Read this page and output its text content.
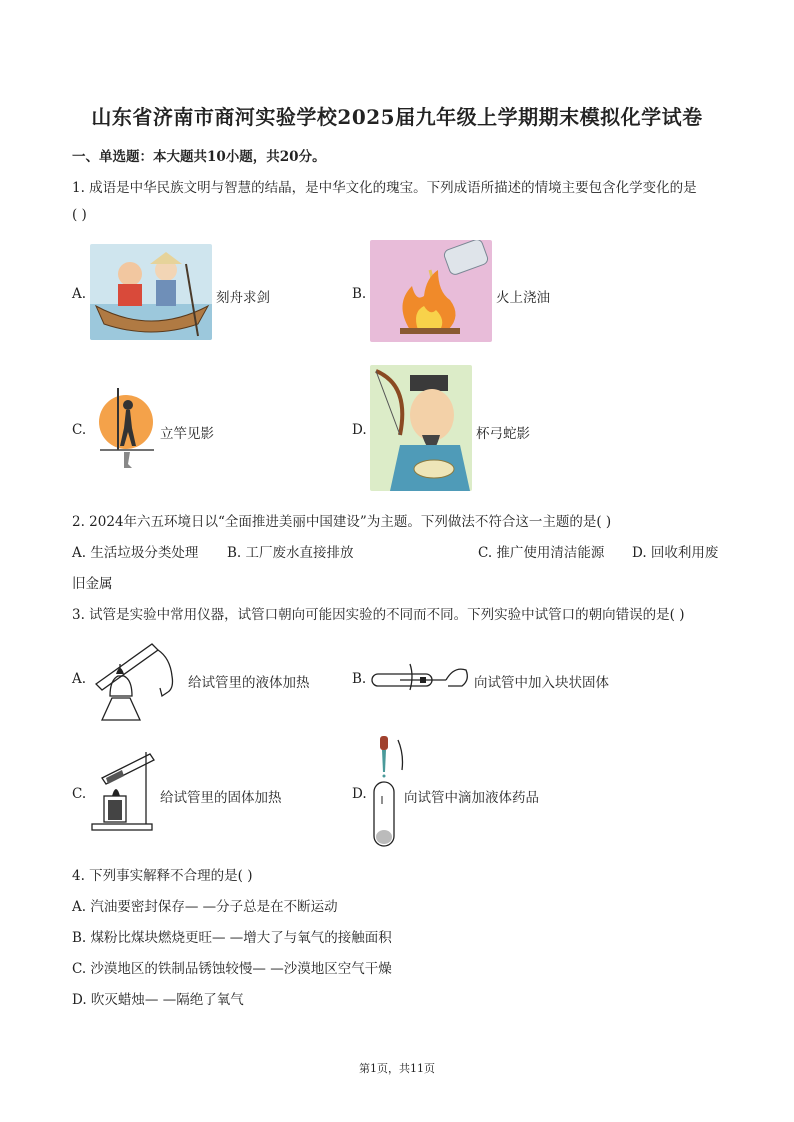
山东省济南市商河实验学校2025届九年级上学期期末模拟化学试卷
一、单选题：本大题共10小题，共20分。
1. 成语是中华民族文明与智慧的结晶，是中华文化的瑰宝。下列成语所描述的情境主要包含化学变化的是
( )
A.	刻舟求剑	B.	火上浇油
C.	立竿见影	D.	杯弓蛇影
2. 2024年六五环境日以“全面推进美丽中国建设”为主题。下列做法不符合这一主题的是( )
A. 生活垃圾分类处理 B. 工厂废水直接排放	C. 推广使用清洁能源 D. 回收利用废
旧金属
3. 试管是实验中常用仪器，试管口朝向可能因实验的不同而不同。下列实验中试管口的朝向错误的是( )
A.	给试管里的液体加热	B.	向试管中加入块状固体
C.	给试管里的固体加热	D.	向试管中滴加液体药品
4. 下列事实解释不合理的是( )
A. 汽油要密封保存— —分子总是在不断运动
B. 煤粉比煤块燃烧更旺— —增大了与氧气的接触面积
C. 沙漠地区的铁制品锈蚀较慢— —沙漠地区空气干燥
D. 吹灭蜡烛— —隔绝了氧气
第1页，共11页
